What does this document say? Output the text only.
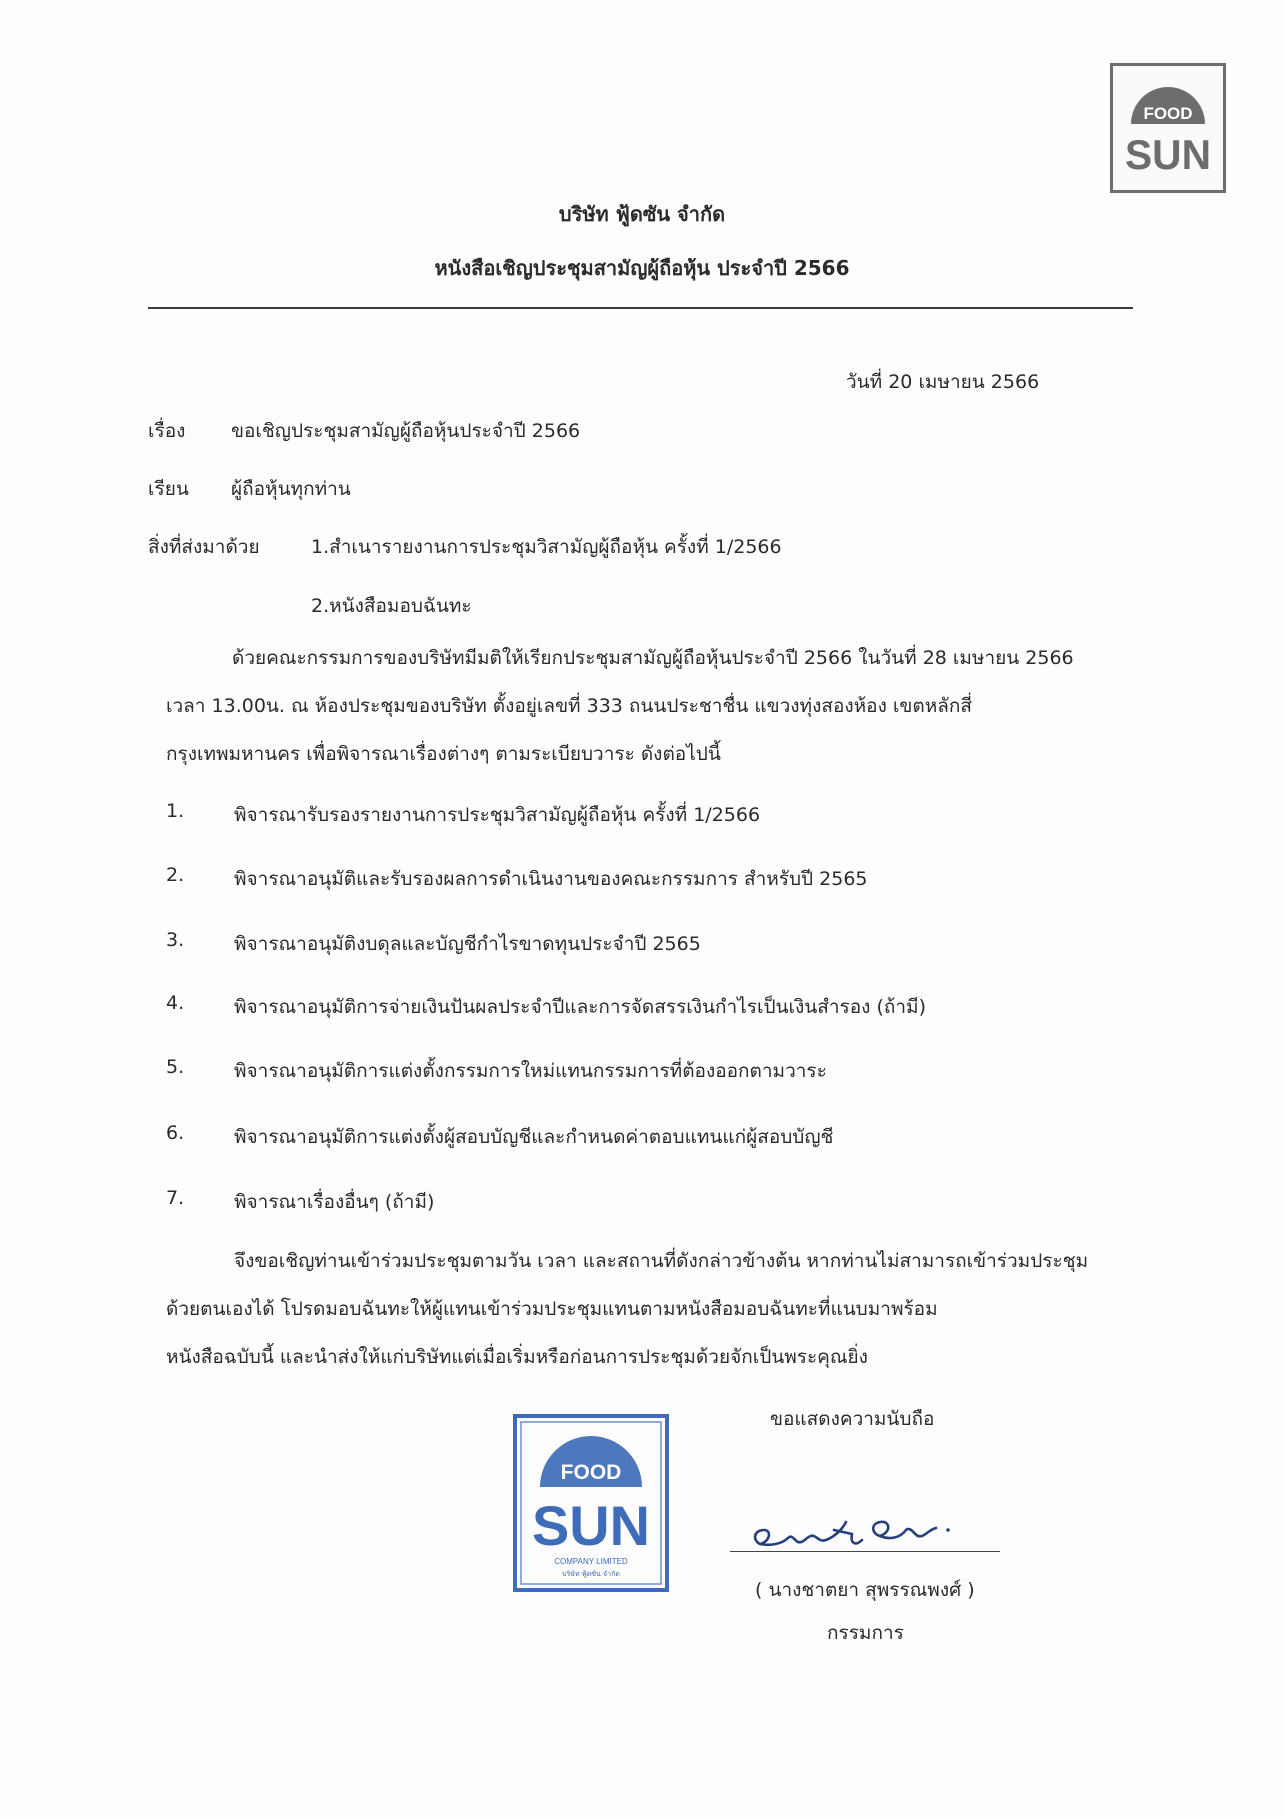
FOOD
SUN
บริษัท ฟู้ดซัน จำกัด
หนังสือเชิญประชุมสามัญผู้ถือหุ้น ประจำปี 2566
วันที่ 20 เมษายน 2566
เรื่อง ขอเชิญประชุมสามัญผู้ถือหุ้นประจำปี 2566
เรียน ผู้ถือหุ้นทุกท่าน
สิ่งที่ส่งมาด้วย	1.สำเนารายงานการประชุมวิสามัญผู้ถือหุ้น ครั้งที่ 1/2566
2.หนังสือมอบฉันทะ
ด้วยคณะกรรมการของบริษัทมีมติให้เรียกประชุมสามัญผู้ถือหุ้นประจำปี 2566 ในวันที่ 28 เมษายน 2566
เวลา 13.00น. ณ ห้องประชุมของบริษัท ตั้งอยู่เลขที่ 333 ถนนประชาชื่น แขวงทุ่งสองห้อง เขตหลักสี่
กรุงเทพมหานคร เพื่อพิจารณาเรื่องต่างๆ ตามระเบียบวาระ ดังต่อไปนี้
1.	พิจารณารับรองรายงานการประชุมวิสามัญผู้ถือหุ้น ครั้งที่ 1/2566
2.	พิจารณาอนุมัติและรับรองผลการดำเนินงานของคณะกรรมการ สำหรับปี 2565
3.	พิจารณาอนุมัติงบดุลและบัญชีกำไรขาดทุนประจำปี 2565
4.	พิจารณาอนุมัติการจ่ายเงินปันผลประจำปีและการจัดสรรเงินกำไรเป็นเงินสำรอง (ถ้ามี)
5.	พิจารณาอนุมัติการแต่งตั้งกรรมการใหม่แทนกรรมการที่ต้องออกตามวาระ
6.	พิจารณาอนุมัติการแต่งตั้งผู้สอบบัญชีและกำหนดค่าตอบแทนแก่ผู้สอบบัญชี
7.	พิจารณาเรื่องอื่นๆ (ถ้ามี)
จึงขอเชิญท่านเข้าร่วมประชุมตามวัน เวลา และสถานที่ดังกล่าวข้างต้น หากท่านไม่สามารถเข้าร่วมประชุม
ด้วยตนเองได้ โปรดมอบฉันทะให้ผู้แทนเข้าร่วมประชุมแทนตามหนังสือมอบฉันทะที่แนบมาพร้อม
หนังสือฉบับนี้ และนำส่งให้แก่บริษัทแต่เมื่อเริ่มหรือก่อนการประชุมด้วยจักเป็นพระคุณยิ่ง
ขอแสดงความนับถือ
FOOD
SUN
COMPANY LIMITED
บริษัท ฟู้ดซัน จำกัด
( นางชาตยา สุพรรณพงศ์ )
กรรมการ
